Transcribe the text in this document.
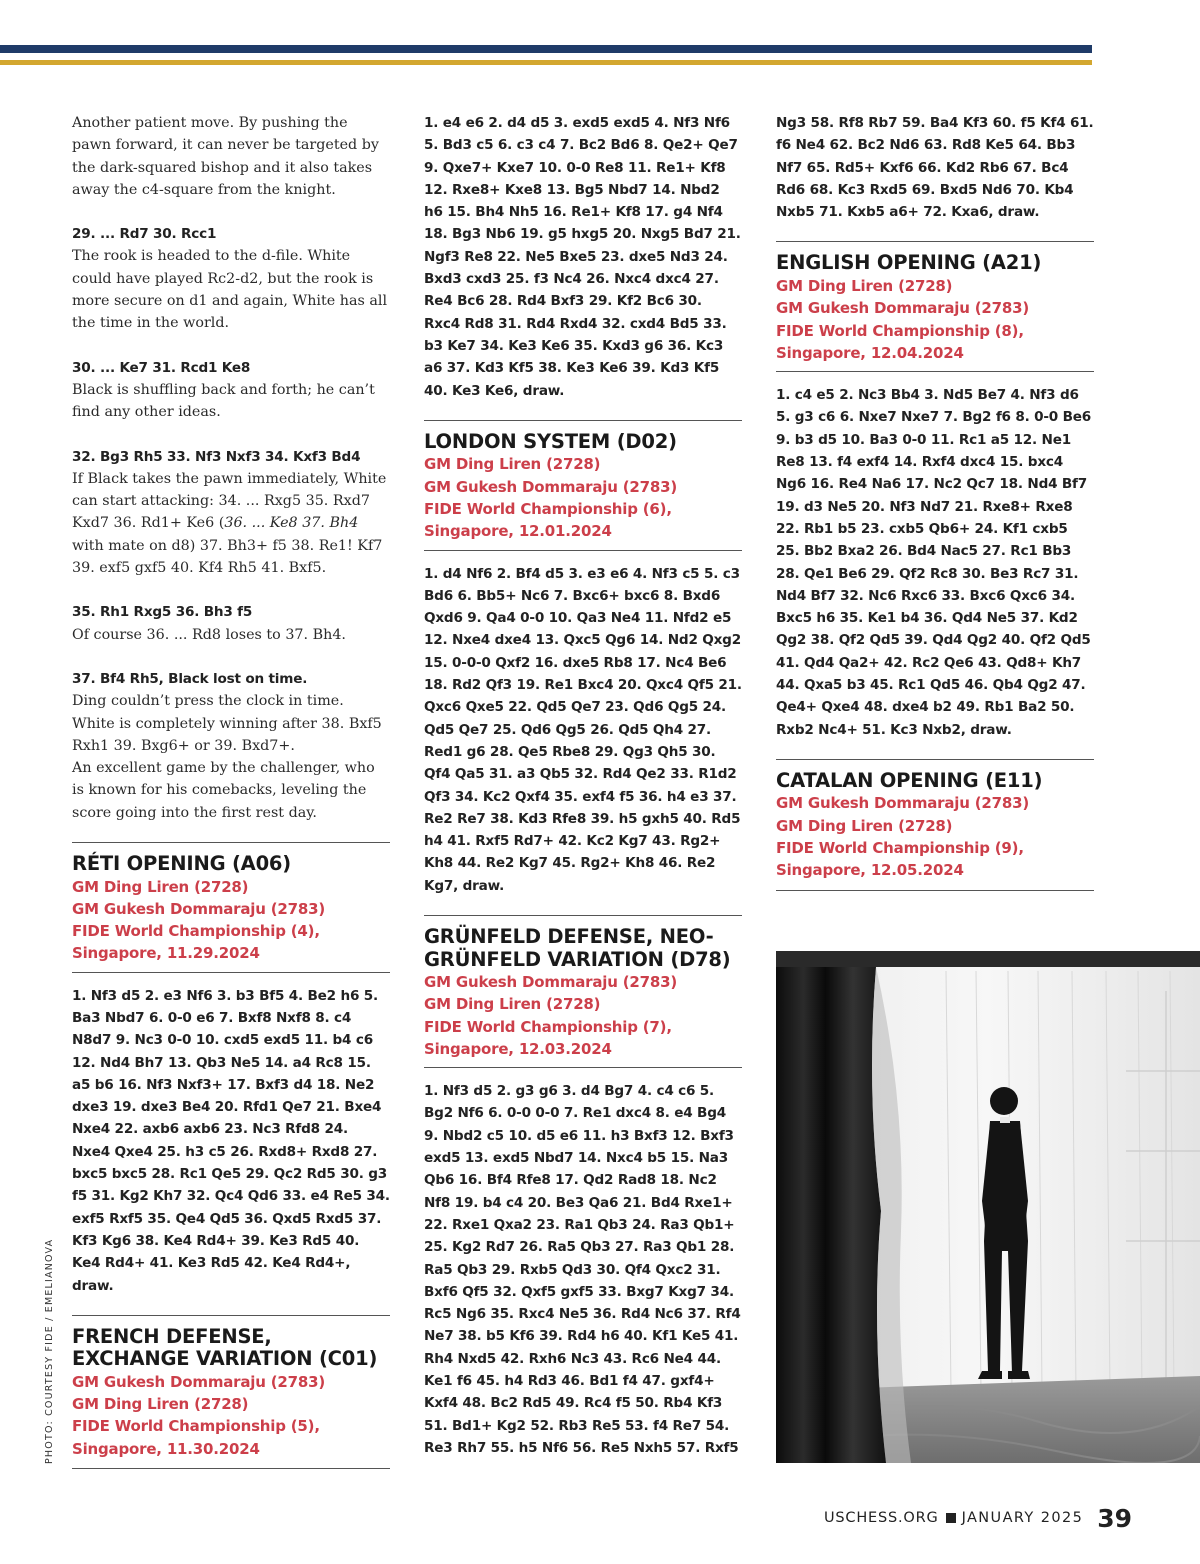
Another patient move. By pushing the pawn forward, it can never be targeted by the dark-squared bishop and it also takes away the c4-square from the knight.

29. ... Rd7 30. Rcc1

The rook is headed to the d-file. White could have played Rc2-d2, but the rook is more secure on d1 and again, White has all the time in the world.

30. ... Ke7 31. Rcd1 Ke8

Black is shuffling back and forth; he can’t find any other ideas.

32. Bg3 Rh5 33. Nf3 Nxf3 34. Kxf3 Bd4

If Black takes the pawn immediately, White can start attacking: 34. ... Rxg5 35. Rxd7 Kxd7 36. Rd1+ Ke6 (36. ... Ke8 37. Bh4 with mate on d8) 37. Bh3+ f5 38. Re1! Kf7 39. exf5 gxf5 40. Kf4 Rh5 41. Bxf5.

35. Rh1 Rxg5 36. Bh3 f5

Of course 36. ... Rd8 loses to 37. Bh4.

37. Bf4 Rh5, Black lost on time.

Ding couldn’t press the clock in time. White is completely winning after 38. Bxf5 Rxh1 39. Bxg6+ or 39. Bxd7+.

An excellent game by the challenger, who is known for his comebacks, leveling the score going into the first rest day.

RÉTI OPENING (A06)
GM Ding Liren (2728)
GM Gukesh Dommaraju (2783)
FIDE World Championship (4),
Singapore, 11.29.2024
1. Nf3 d5 2. e3 Nf6 3. b3 Bf5 4. Be2 h6 5. Ba3 Nbd7 6. 0-0 e6 7. Bxf8 Nxf8 8. c4 N8d7 9. Nc3 0-0 10. cxd5 exd5 11. b4 c6 12. Nd4 Bh7 13. Qb3 Ne5 14. a4 Rc8 15. a5 b6 16. Nf3 Nxf3+ 17. Bxf3 d4 18. Ne2 dxe3 19. dxe3 Be4 20. Rfd1 Qe7 21. Bxe4 Nxe4 22. axb6 axb6 23. Nc3 Rfd8 24. Nxe4 Qxe4 25. h3 c5 26. Rxd8+ Rxd8 27. bxc5 bxc5 28. Rc1 Qe5 29. Qc2 Rd5 30. g3 f5 31. Kg2 Kh7 32. Qc4 Qd6 33. e4 Re5 34. exf5 Rxf5 35. Qe4 Qd5 36. Qxd5 Rxd5 37. Kf3 Kg6 38. Ke4 Rd4+ 39. Ke3 Rd5 40. Ke4 Rd4+ 41. Ke3 Rd5 42. Ke4 Rd4+, draw.
FRENCH DEFENSE, EXCHANGE VARIATION (C01)
GM Gukesh Dommaraju (2783)
GM Ding Liren (2728)
FIDE World Championship (5),
Singapore, 11.30.2024
1. e4 e6 2. d4 d5 3. exd5 exd5 4. Nf3 Nf6 5. Bd3 c5 6. c3 c4 7. Bc2 Bd6 8. Qe2+ Qe7 9. Qxe7+ Kxe7 10. 0-0 Re8 11. Re1+ Kf8 12. Rxe8+ Kxe8 13. Bg5 Nbd7 14. Nbd2 h6 15. Bh4 Nh5 16. Re1+ Kf8 17. g4 Nf4 18. Bg3 Nb6 19. g5 hxg5 20. Nxg5 Bd7 21. Ngf3 Re8 22. Ne5 Bxe5 23. dxe5 Nd3 24. Bxd3 cxd3 25. f3 Nc4 26. Nxc4 dxc4 27. Re4 Bc6 28. Rd4 Bxf3 29. Kf2 Bc6 30. Rxc4 Rd8 31. Rd4 Rxd4 32. cxd4 Bd5 33. b3 Ke7 34. Ke3 Ke6 35. Kxd3 g6 36. Kc3 a6 37. Kd3 Kf5 38. Ke3 Ke6 39. Kd3 Kf5 40. Ke3 Ke6, draw.
LONDON SYSTEM (D02)
GM Ding Liren (2728)
GM Gukesh Dommaraju (2783)
FIDE World Championship (6),
Singapore, 12.01.2024
1. d4 Nf6 2. Bf4 d5 3. e3 e6 4. Nf3 c5 5. c3 Bd6 6. Bb5+ Nc6 7. Bxc6+ bxc6 8. Bxd6 Qxd6 9. Qa4 0-0 10. Qa3 Ne4 11. Nfd2 e5 12. Nxe4 dxe4 13. Qxc5 Qg6 14. Nd2 Qxg2 15. 0-0-0 Qxf2 16. dxe5 Rb8 17. Nc4 Be6 18. Rd2 Qf3 19. Re1 Bxc4 20. Qxc4 Qf5 21. Qxc6 Qxe5 22. Qd5 Qe7 23. Qd6 Qg5 24. Qd5 Qe7 25. Qd6 Qg5 26. Qd5 Qh4 27. Red1 g6 28. Qe5 Rbe8 29. Qg3 Qh5 30. Qf4 Qa5 31. a3 Qb5 32. Rd4 Qe2 33. R1d2 Qf3 34. Kc2 Qxf4 35. exf4 f5 36. h4 e3 37. Re2 Re7 38. Kd3 Rfe8 39. h5 gxh5 40. Rd5 h4 41. Rxf5 Rd7+ 42. Kc2 Kg7 43. Rg2+ Kh8 44. Re2 Kg7 45. Rg2+ Kh8 46. Re2 Kg7, draw.
GRÜNFELD DEFENSE, NEO-GRÜNFELD VARIATION (D78)
GM Gukesh Dommaraju (2783)
GM Ding Liren (2728)
FIDE World Championship (7),
Singapore, 12.03.2024
1. Nf3 d5 2. g3 g6 3. d4 Bg7 4. c4 c6 5. Bg2 Nf6 6. 0-0 0-0 7. Re1 dxc4 8. e4 Bg4 9. Nbd2 c5 10. d5 e6 11. h3 Bxf3 12. Bxf3 exd5 13. exd5 Nbd7 14. Nxc4 b5 15. Na3 Qb6 16. Bf4 Rfe8 17. Qd2 Rad8 18. Nc2 Nf8 19. b4 c4 20. Be3 Qa6 21. Bd4 Rxe1+ 22. Rxe1 Qxa2 23. Ra1 Qb3 24. Ra3 Qb1+ 25. Kg2 Rd7 26. Ra5 Qb3 27. Ra3 Qb1 28. Ra5 Qb3 29. Rxb5 Qd3 30. Qf4 Qxc2 31. Bxf6 Qf5 32. Qxf5 gxf5 33. Bxg7 Kxg7 34. Rc5 Ng6 35. Rxc4 Ne5 36. Rd4 Nc6 37. Rf4 Ne7 38. b5 Kf6 39. Rd4 h6 40. Kf1 Ke5 41. Rh4 Nxd5 42. Rxh6 Nc3 43. Rc6 Ne4 44. Ke1 f6 45. h4 Rd3 46. Bd1 f4 47. gxf4+ Kxf4 48. Bc2 Rd5 49. Rc4 f5 50. Rb4 Kf3 51. Bd1+ Kg2 52. Rb3 Re5 53. f4 Re7 54. Re3 Rh7 55. h5 Nf6 56. Re5 Nxh5 57. Rxf5
Ng3 58. Rf8 Rb7 59. Ba4 Kf3 60. f5 Kf4 61. f6 Ne4 62. Bc2 Nd6 63. Rd8 Ke5 64. Bb3 Nf7 65. Rd5+ Kxf6 66. Kd2 Rb6 67. Bc4 Rd6 68. Kc3 Rxd5 69. Bxd5 Nd6 70. Kb4 Nxb5 71. Kxb5 a6+ 72. Kxa6, draw.
ENGLISH OPENING (A21)
GM Ding Liren (2728)
GM Gukesh Dommaraju (2783)
FIDE World Championship (8),
Singapore, 12.04.2024
1. c4 e5 2. Nc3 Bb4 3. Nd5 Be7 4. Nf3 d6 5. g3 c6 6. Nxe7 Nxe7 7. Bg2 f6 8. 0-0 Be6 9. b3 d5 10. Ba3 0-0 11. Rc1 a5 12. Ne1 Re8 13. f4 exf4 14. Rxf4 dxc4 15. bxc4 Ng6 16. Re4 Na6 17. Nc2 Qc7 18. Nd4 Bf7 19. d3 Ne5 20. Nf3 Nd7 21. Rxe8+ Rxe8 22. Rb1 b5 23. cxb5 Qb6+ 24. Kf1 cxb5 25. Bb2 Bxa2 26. Bd4 Nac5 27. Rc1 Bb3 28. Qe1 Be6 29. Qf2 Rc8 30. Be3 Rc7 31. Nd4 Bf7 32. Nc6 Rxc6 33. Bxc6 Qxc6 34. Bxc5 h6 35. Ke1 b4 36. Qd4 Ne5 37. Kd2 Qg2 38. Qf2 Qd5 39. Qd4 Qg2 40. Qf2 Qd5 41. Qd4 Qa2+ 42. Rc2 Qe6 43. Qd8+ Kh7 44. Qxa5 b3 45. Rc1 Qd5 46. Qb4 Qg2 47. Qe4+ Qxe4 48. dxe4 b2 49. Rb1 Ba2 50. Rxb2 Nc4+ 51. Kc3 Nxb2, draw.
CATALAN OPENING (E11)
GM Gukesh Dommaraju (2783)
GM Ding Liren (2728)
FIDE World Championship (9),
Singapore, 12.05.2024
PHOTO: COURTESY FIDE / EMELIANOVA
USCHESS.ORG JANUARY 2025 39
